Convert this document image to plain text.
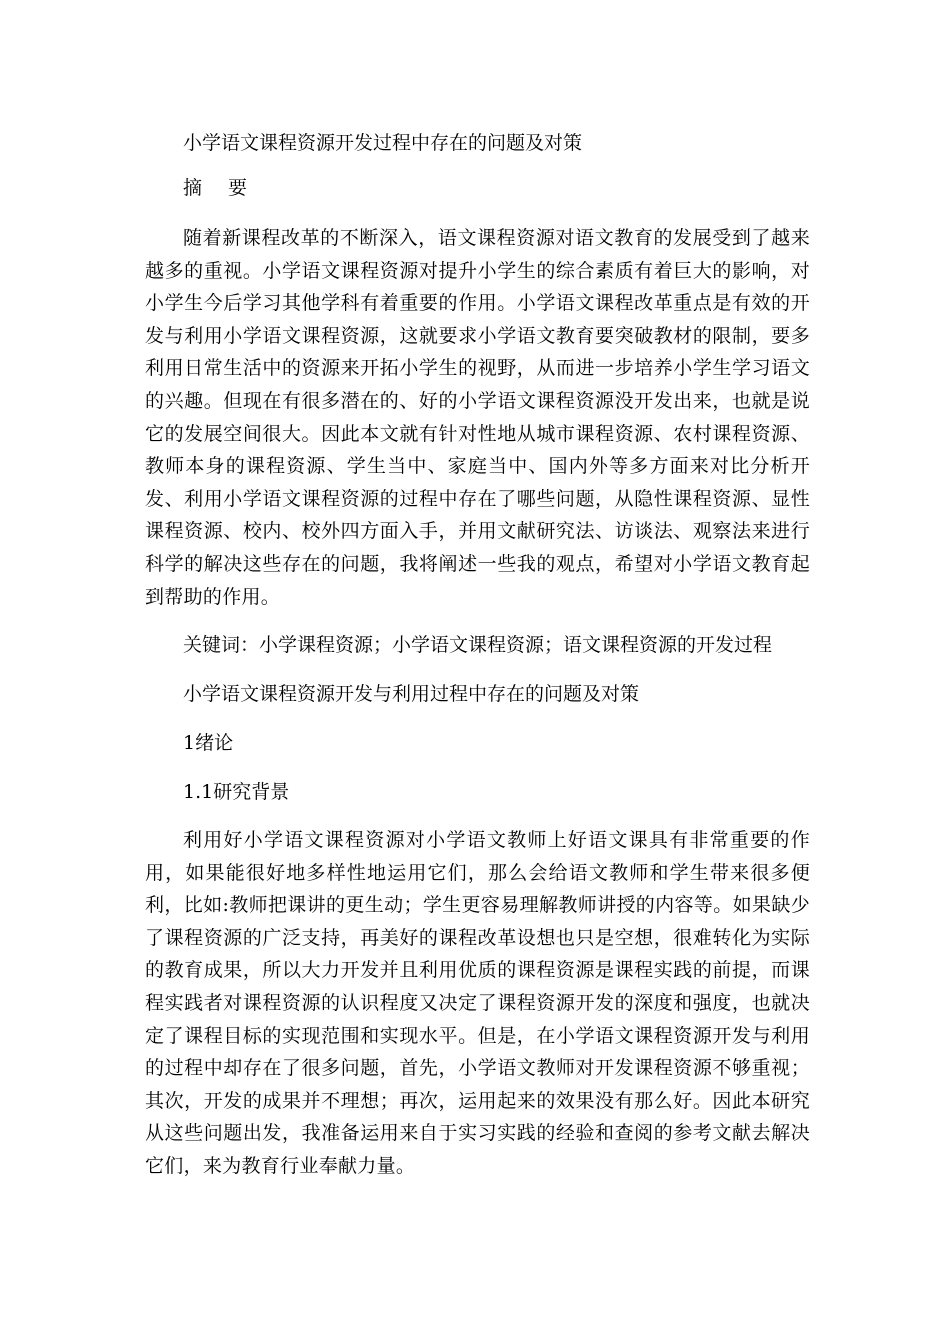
小学语文课程资源开发过程中存在的问题及对策

摘 要

随着新课程改革的不断深入，语文课程资源对语文教育的发展受到了越来越多的重视。小学语文课程资源对提升小学生的综合素质有着巨大的影响，对小学生今后学习其他学科有着重要的作用。小学语文课程改革重点是有效的开发与利用小学语文课程资源，这就要求小学语文教育要突破教材的限制，要多利用日常生活中的资源来开拓小学生的视野，从而进一步培养小学生学习语文的兴趣。但现在有很多潜在的、好的小学语文课程资源没开发出来，也就是说它的发展空间很大。因此本文就有针对性地从城市课程资源、农村课程资源、教师本身的课程资源、学生当中、家庭当中、国内外等多方面来对比分析开发、利用小学语文课程资源的过程中存在了哪些问题，从隐性课程资源、显性课程资源、校内、校外四方面入手，并用文献研究法、访谈法、观察法来进行科学的解决这些存在的问题，我将阐述一些我的观点，希望对小学语文教育起到帮助的作用。

关键词：小学课程资源；小学语文课程资源；语文课程资源的开发过程

小学语文课程资源开发与利用过程中存在的问题及对策

1绪论

1.1研究背景

利用好小学语文课程资源对小学语文教师上好语文课具有非常重要的作用，如果能很好地多样性地运用它们，那么会给语文教师和学生带来很多便利，比如:教师把课讲的更生动；学生更容易理解教师讲授的内容等。如果缺少了课程资源的广泛支持，再美好的课程改革设想也只是空想，很难转化为实际的教育成果，所以大力开发并且利用优质的课程资源是课程实践的前提，而课程实践者对课程资源的认识程度又决定了课程资源开发的深度和强度，也就决定了课程目标的实现范围和实现水平。但是，在小学语文课程资源开发与利用的过程中却存在了很多问题，首先，小学语文教师对开发课程资源不够重视；其次，开发的成果并不理想；再次，运用起来的效果没有那么好。因此本研究从这些问题出发，我准备运用来自于实习实践的经验和查阅的参考文献去解决它们，来为教育行业奉献力量。
